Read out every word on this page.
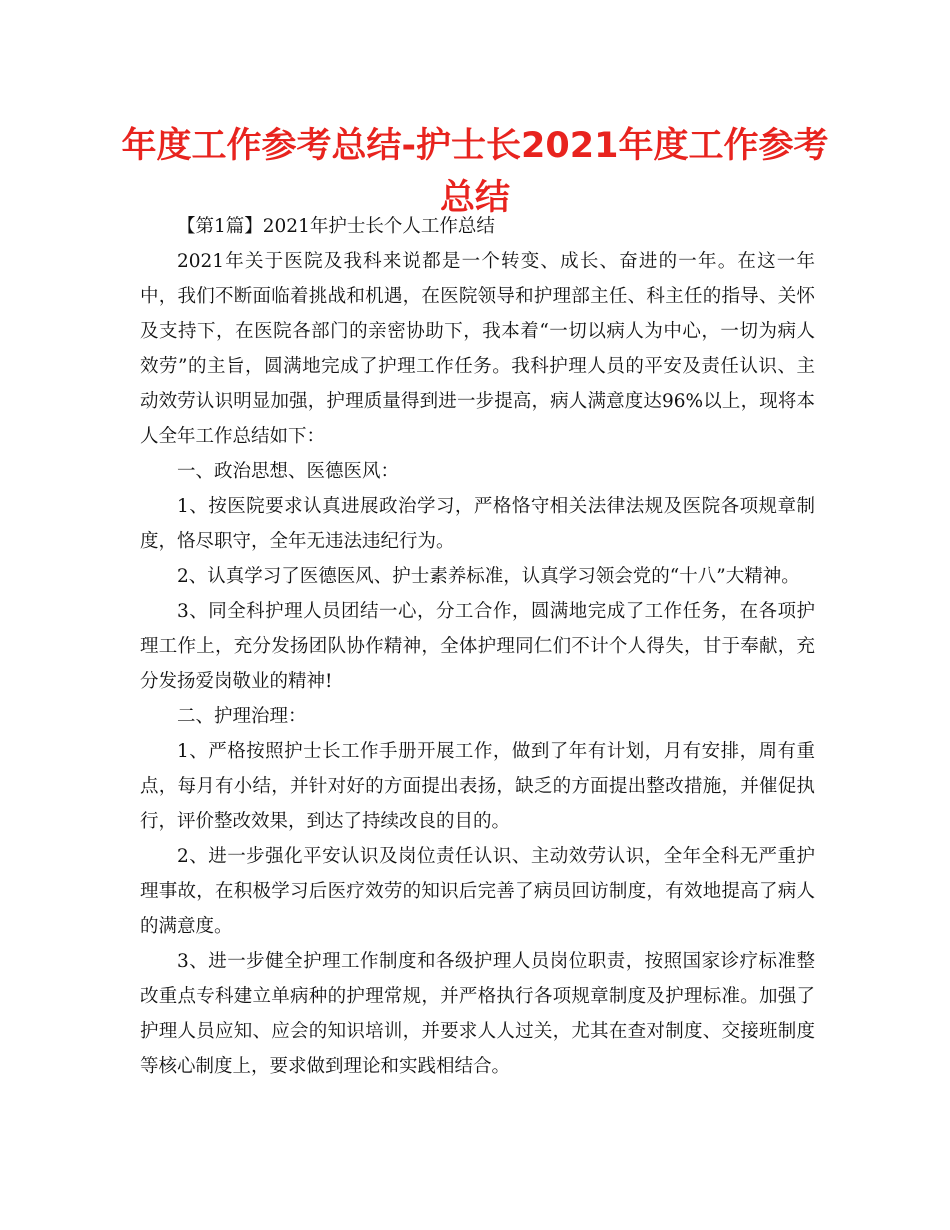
年度工作参考总结-护士长2021年度工作参考总结

【第1篇】2021年护士长个人工作总结

2021年关于医院及我科来说都是一个转变、成长、奋进的一年。在这一年中，我们不断面临着挑战和机遇，在医院领导和护理部主任、科主任的指导、关怀及支持下，在医院各部门的亲密协助下，我本着“一切以病人为中心，一切为病人效劳”的主旨，圆满地完成了护理工作任务。我科护理人员的平安及责任认识、主动效劳认识明显加强，护理质量得到进一步提高，病人满意度达96%以上，现将本人全年工作总结如下：

一、政治思想、医德医风：

1、按医院要求认真进展政治学习，严格恪守相关法律法规及医院各项规章制度，恪尽职守，全年无违法违纪行为。

2、认真学习了医德医风、护士素养标准，认真学习领会党的“十八”大精神。

3、同全科护理人员团结一心，分工合作，圆满地完成了工作任务，在各项护理工作上，充分发扬团队协作精神，全体护理同仁们不计个人得失，甘于奉献，充分发扬爱岗敬业的精神!

二、护理治理：

1、严格按照护士长工作手册开展工作，做到了年有计划，月有安排，周有重点，每月有小结，并针对好的方面提出表扬，缺乏的方面提出整改措施，并催促执行，评价整改效果，到达了持续改良的目的。

2、进一步强化平安认识及岗位责任认识、主动效劳认识，全年全科无严重护理事故，在积极学习后医疗效劳的知识后完善了病员回访制度，有效地提高了病人的满意度。

3、进一步健全护理工作制度和各级护理人员岗位职责，按照国家诊疗标准整改重点专科建立单病种的护理常规，并严格执行各项规章制度及护理标准。加强了护理人员应知、应会的知识培训，并要求人人过关，尤其在查对制度、交接班制度等核心制度上，要求做到理论和实践相结合。
